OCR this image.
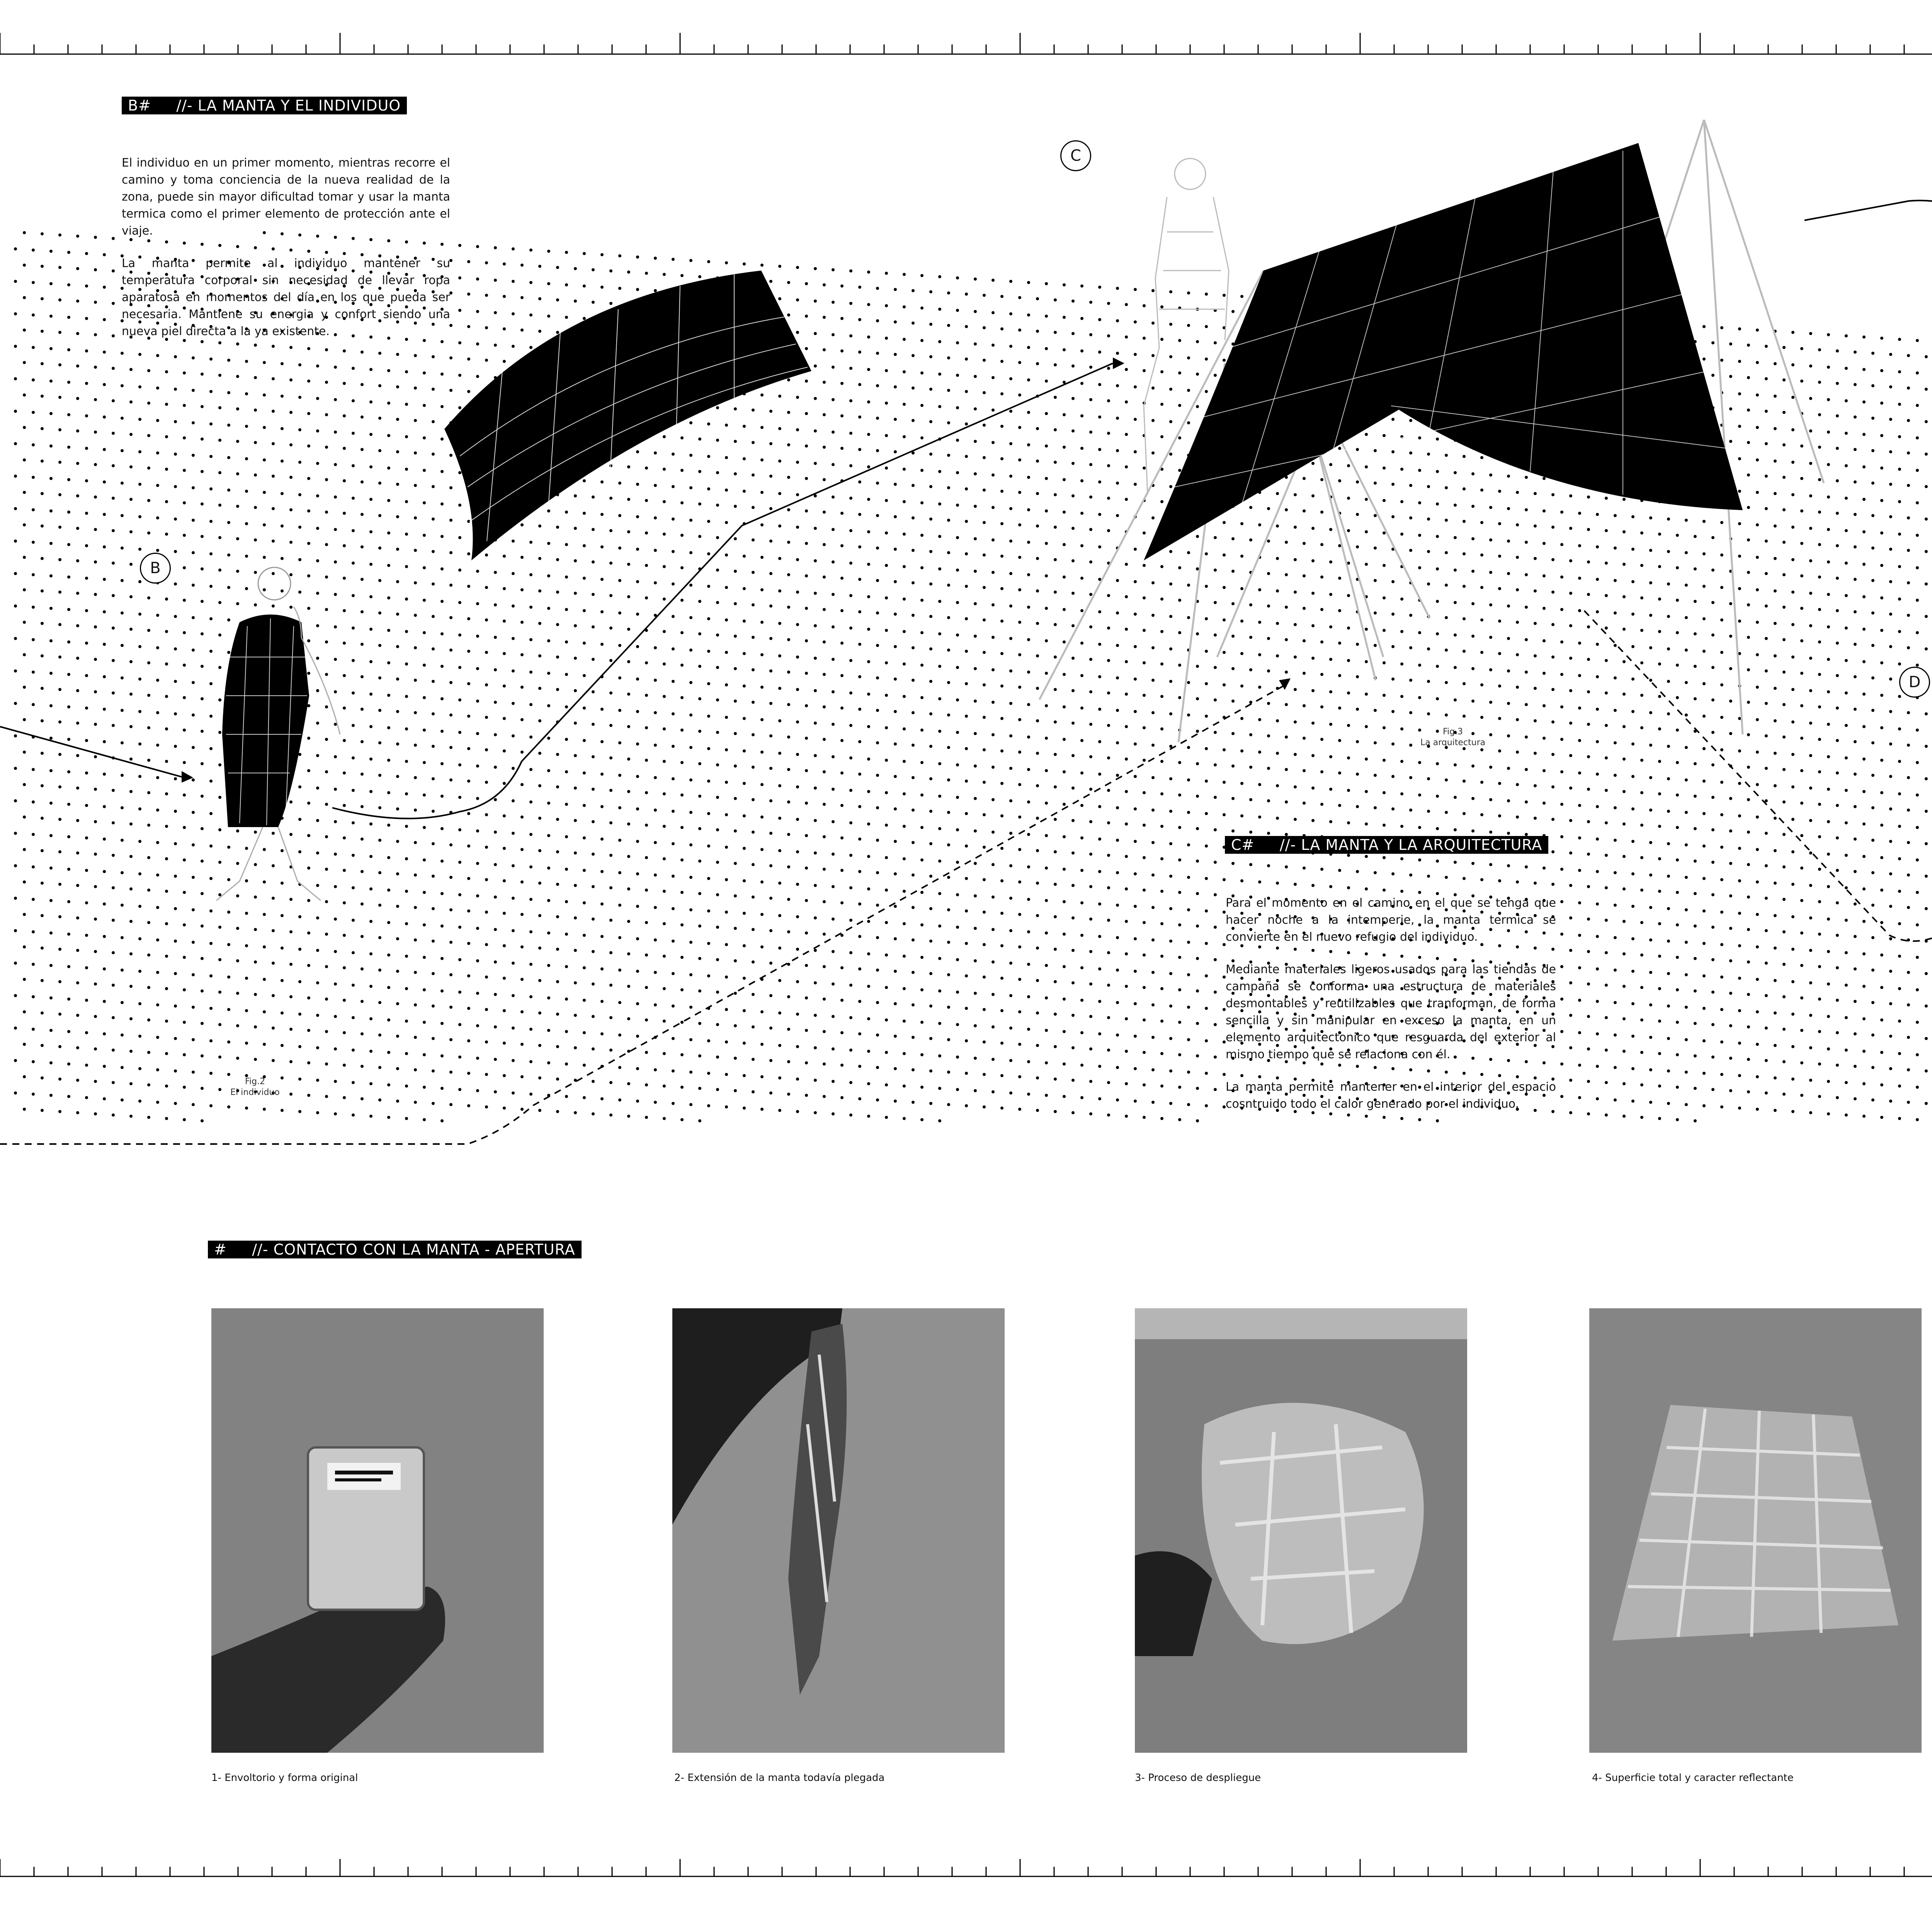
B#     //- LA MANTA Y EL INDIVIDUO

El individuo en un primer momento, mientras recorre el camino y toma conciencia de la nueva realidad de la zona, puede sin mayor dificultad tomar y usar la manta termica como el primer elemento de protección ante el viaje.

La manta permite al individuo mantener su temperatura corporal sin necesidad de llevar ropa aparatosa en momentos del día en los que pueda ser necesaria. Mantiene su energia y confort siendo una nueva piel directa a la ya existente.

B
Fig.2
El individuo
C
Fig.3
La arquitectura
C#     //- LA MANTA Y LA ARQUITECTURA

Para el momento en el camino en el que se tenga que hacer noche a la intemperie, la manta termica se convierte en el nuevo refugio del individuo.

Mediante materiales ligeros usados para las tiendas de campaña se conforma una estructura de materiales desmontables y reutilizables que tranforman, de forma sencilla y sin manipular en exceso la manta, en un elemento arquitectonico que resguarda del exterior al mismo tiempo que se relaciona con él.

La manta permite mantener en el interior del espacio cosntruido todo el calor generado por el individuo.

D

#     //- CONTACTO CON LA MANTA - APERTURA
1- Envoltorio y forma original	2- Extensión de la manta todavía plegada	3- Proceso de despliegue	4- Superficie total y caracter reflectante
